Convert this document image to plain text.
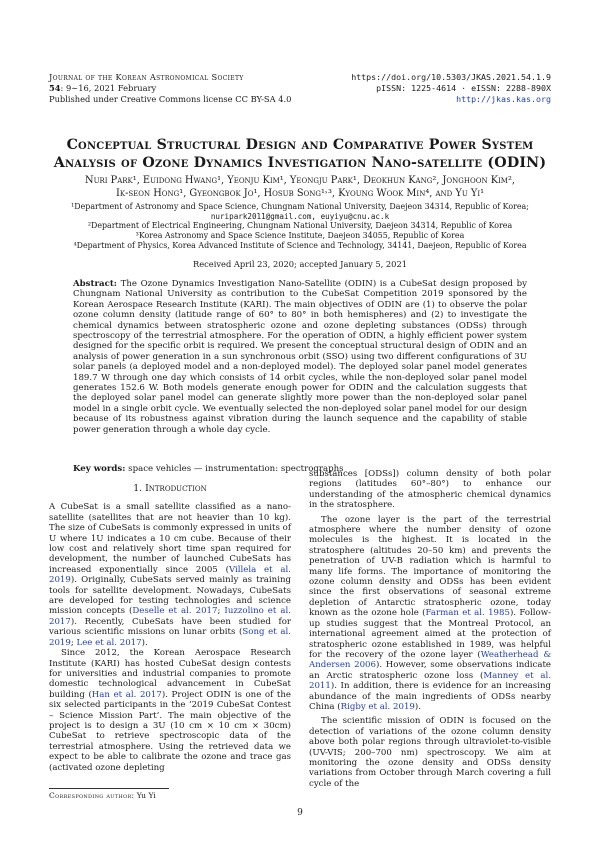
Journal of the Korean Astronomical Society
54: 9∼16, 2021 February
Published under Creative Commons license CC BY-SA 4.0
https://doi.org/10.5303/JKAS.2021.54.1.9
pISSN: 1225-4614 · eISSN: 2288-890X
http://jkas.kas.org
Conceptual Structural Design and Comparative Power System
Analysis of Ozone Dynamics Investigation Nano-satellite (ODIN)
Nuri Park¹, Euidong Hwang¹, Yeonju Kim¹, Yeongju Park¹, Deokhun Kang², Jonghoon Kim²,
Ik-seon Hong¹, Gyeongbok Jo¹, Hosub Song¹˒³, Kyoung Wook Min⁴, and Yu Yi¹
¹Department of Astronomy and Space Science, Chungnam National University, Daejeon 34314, Republic of Korea;
nuripark2011@gmail.com, euyiyu@cnu.ac.k
²Department of Electrical Engineering, Chungnam National University, Daejeon 34314, Republic of Korea
³Korea Astronomy and Space Science Institute, Daejeon 34055, Republic of Korea
⁴Department of Physics, Korea Advanced Institute of Science and Technology, 34141, Daejeon, Republic of Korea
Received April 23, 2020; accepted January 5, 2021
Abstract: The Ozone Dynamics Investigation Nano-Satellite (ODIN) is a CubeSat design proposed by Chungnam National University as contribution to the CubeSat Competition 2019 sponsored by the Korean Aerospace Research Institute (KARI). The main objectives of ODIN are (1) to observe the polar ozone column density (latitude range of 60° to 80° in both hemispheres) and (2) to investigate the chemical dynamics between stratospheric ozone and ozone depleting substances (ODSs) through spectroscopy of the terrestrial atmosphere. For the operation of ODIN, a highly efficient power system designed for the specific orbit is required. We present the conceptual structural design of ODIN and an analysis of power generation in a sun synchronous orbit (SSO) using two different configurations of 3U solar panels (a deployed model and a non-deployed model). The deployed solar panel model generates 189.7 W through one day which consists of 14 orbit cycles, while the non-deployed solar panel model generates 152.6 W. Both models generate enough power for ODIN and the calculation suggests that the deployed solar panel model can generate slightly more power than the non-deployed solar panel model in a single orbit cycle. We eventually selected the non-deployed solar panel model for our design because of its robustness against vibration during the launch sequence and the capability of stable power generation through a whole day cycle.
Key words: space vehicles — instrumentation: spectrographs
1. Introduction

A CubeSat is a small satellite classified as a nano-satellite (satellites that are not heavier than 10 kg). The size of CubeSats is commonly expressed in units of U where 1U indicates a 10 cm cube. Because of their low cost and relatively short time span required for development, the number of launched CubeSats has increased exponentially since 2005 (Villela et al. 2019). Originally, CubeSats served mainly as training tools for satellite development. Nowadays, CubeSats are developed for testing technologies and science mission concepts (Deselle et al. 2017; Iuzzolino et al. 2017). Recently, CubeSats have been studied for various scientific missions on lunar orbits (Song et al. 2019; Lee et al. 2017).

Since 2012, the Korean Aerospace Research Institute (KARI) has hosted CubeSat design contests for universities and industrial companies to promote domestic technological advancement in CubeSat building (Han et al. 2017). Project ODIN is one of the six selected participants in the ‘2019 CubeSat Contest – Science Mission Part’. The main objective of the project is to design a 3U (10 cm × 10 cm × 30cm) CubeSat to retrieve spectroscopic data of the terrestrial atmosphere. Using the retrieved data we expect to be able to calibrate the ozone and trace gas (activated ozone depleting

substances [ODSs]) column density of both polar regions (latitudes 60°–80°) to enhance our understanding of the atmospheric chemical dynamics in the stratosphere.

The ozone layer is the part of the terrestrial atmosphere where the number density of ozone molecules is the highest. It is located in the stratosphere (altitudes 20–50 km) and prevents the penetration of UV-B radiation which is harmful to many life forms. The importance of monitoring the ozone column density and ODSs has been evident since the first observations of seasonal extreme depletion of Antarctic stratospheric ozone, today known as the ozone hole (Farman et al. 1985). Follow-up studies suggest that the Montreal Protocol, an international agreement aimed at the protection of stratospheric ozone established in 1989, was helpful for the recovery of the ozone layer (Weatherhead & Andersen 2006). However, some observations indicate an Arctic stratospheric ozone loss (Manney et al. 2011). In addition, there is evidence for an increasing abundance of the main ingredients of ODSs nearby China (Rigby et al. 2019).

The scientific mission of ODIN is focused on the detection of variations of the ozone column density above both polar regions through ultraviolet-to-visible (UV-VIS; 200–700 nm) spectroscopy. We aim at monitoring the ozone density and ODSs density variations from October through March covering a full cycle of the

Corresponding author: Yu Yi
9
